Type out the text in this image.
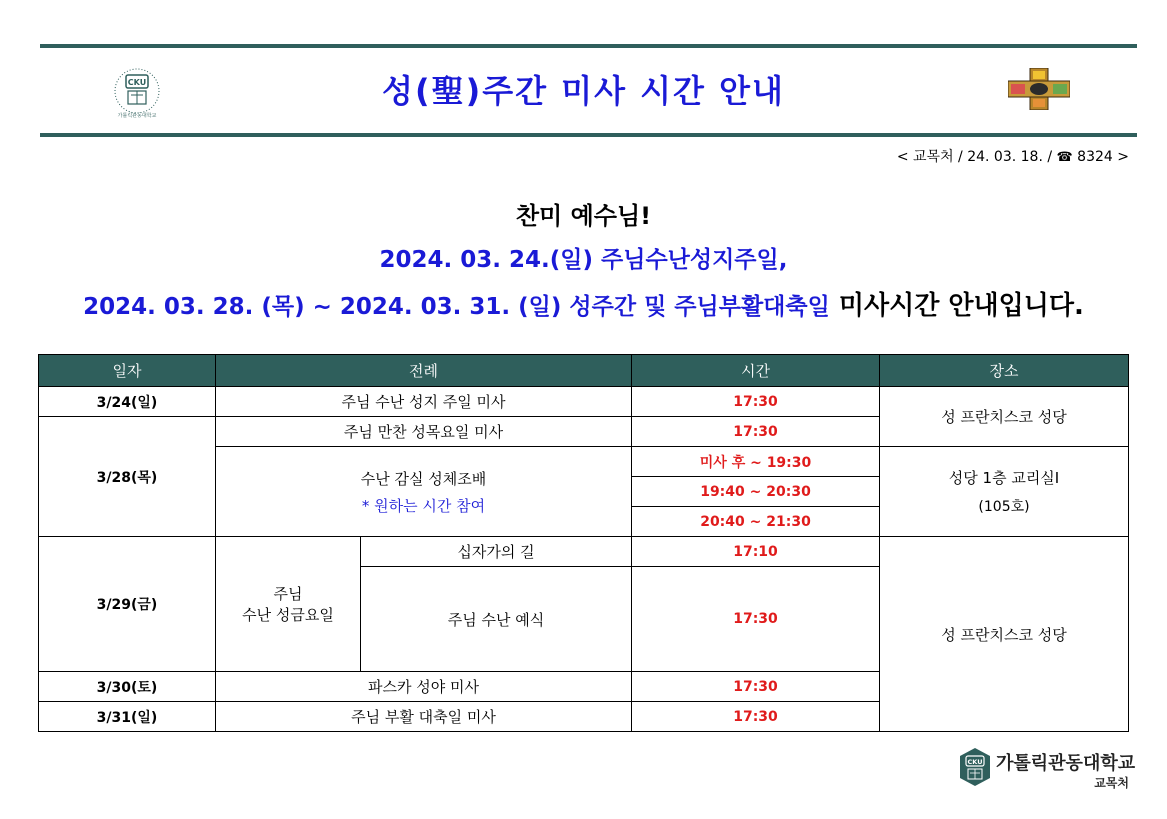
CKU
가톨릭관동대학교
성(聖)주간 미사 시간 안내
< 교목처 / 24. 03. 18. / ☎ 8324 >
찬미 예수님!
2024. 03. 24.(일) 주님수난성지주일,
2024. 03. 28. (목) ~ 2024. 03. 31. (일) 성주간 및 주님부활대축일 미사시간 안내입니다.
일자	전례		시간	장소
3/24(일)	주님 수난 성지 주일 미사		17:30	성 프란치스코 성당
3/28(목)	주님 만찬 성목요일 미사		17:30	
	수난 감실 성체조배
* 원하는 시간 참여		미사 후 ~ 19:30	성당 1층 교리실Ⅰ
(105호)

			19:40 ~ 20:30	
			20:40 ~ 21:30	
3/29(금)	주님
수난 성금요일	십자가의 길	17:10	성 프란치스코 성당
		주님 수난 예식	17:30	
3/30(토)	파스카 성야 미사		17:30	
3/31(일)	주님 부활 대축일 미사		17:30	
CKU 가톨릭관동대학교
교목처
